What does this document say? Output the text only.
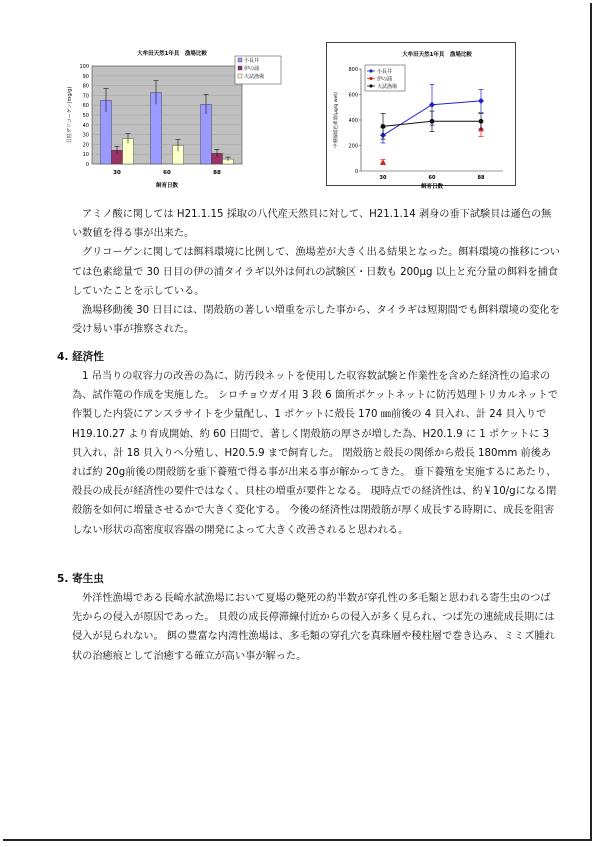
大牟田天然1年貝　漁場比較
0
10
20
30
40
50
60
70
80
90
100
貝柱グリコーゲン(mg/g)
30	60	88
飼育日数
小長井
伊の浦
大試漁場
大牟田天然1年貝　漁場比較
0
200
400
600
800
中腸腺総色素量(μg/g wet)
30	60	88
飼育日数
小長井
伊の浦
大試漁場

アミノ酸に関しては H21.1.15 採取の八代産天然貝に対して、H21.1.14 剥身の垂下試験貝は遜色の無い数値を得る事が出来た。

グリコーゲンに関しては餌料環境に比例して、漁場差が大きく出る結果となった。餌料環境の推移については色素総量で 30 日目の伊の浦タイラギ以外は何れの試験区・日数も 200μg 以上と充分量の餌料を捕食していたことを示している。

漁場移動後 30 日目には、閉殻筋の著しい増重を示した事から、タイラギは短期間でも餌料環境の変化を受け易い事が推察された。

4. 経済性

1 吊当りの収容力の改善の為に、防汚段ネットを使用した収容数試験と作業性を含めた経済性の追求の為、試作篭の作成を実施した。 シロチョウガイ用 3 段 6 箇所ポケットネットに防汚処理トリカルネットで作製した内袋にアンスラサイトを少量配し、1 ポケットに殻長 170 ㎜前後の 4 貝入れ、計 24 貝入りで H19.10.27 より育成開始、約 60 日間で、著しく閉殻筋の厚さが増した為、H20.1.9 に 1 ポケットに 3 貝入れ、計 18 貝入りへ分殖し、H20.5.9 まで飼育した。 閉殻筋と殻長の関係から殻長 180mm 前後あれば約 20g前後の閉殻筋を垂下養殖で得る事が出来る事が解かってきた。 垂下養殖を実施するにあたり、殻長の成長が経済性の要件ではなく、貝柱の増重が要件となる。 現時点での経済性は、約￥10/gになる閉殻筋を如何に増量させるかで大きく変化する。 今後の経済性は閉殻筋が厚く成長する時期に、成長を阻害しない形状の高密度収容器の開発によって大きく改善されると思われる。

5. 寄生虫

外洋性漁場である長崎水試漁場において夏場の斃死の約半数が穿孔性の多毛類と思われる寄生虫のつば先からの侵入が原因であった。 貝殻の成長停滞線付近からの侵入が多く見られ、つば先の連続成長期には侵入が見られない。 餌の豊富な内湾性漁場は、多毛類の穿孔穴を真珠層や稜柱層で巻き込み、ミミズ腫れ状の治癒痕として治癒する確立が高い事が解った。
